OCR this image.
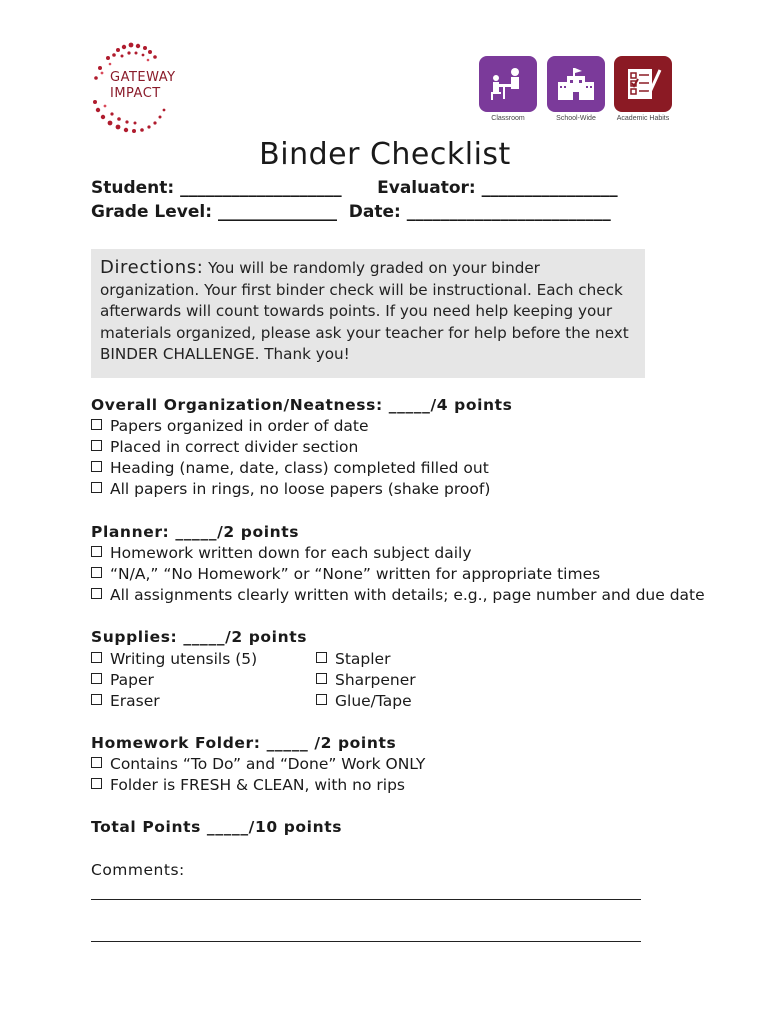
GATEWAY
IMPACT
Classroom	School-Wide	Academic Habits
Binder Checklist
Student: ___________________      Evaluator: ________________
Grade Level: ______________  Date: ________________________
Directions: You will be randomly graded on your binder organization. Your first binder check will be instructional. Each check afterwards will count towards points. If you need help keeping your materials organized, please ask your teacher for help before the next BINDER CHALLENGE. Thank you!
Overall Organization/Neatness: _____/4 points
Papers organized in order of date
Placed in correct divider section
Heading (name, date, class) completed filled out
All papers in rings, no loose papers (shake proof)
Planner: _____/2 points
Homework written down for each subject daily
“N/A,” “No Homework” or “None” written for appropriate times
All assignments clearly written with details; e.g., page number and due date
Supplies: _____/2 points
Writing utensils (5)
Paper
Eraser
Stapler
Sharpener
Glue/Tape
Homework Folder: _____ /2 points
Contains “To Do” and “Done” Work ONLY
Folder is FRESH & CLEAN, with no rips
Total Points _____/10 points
Comments:
